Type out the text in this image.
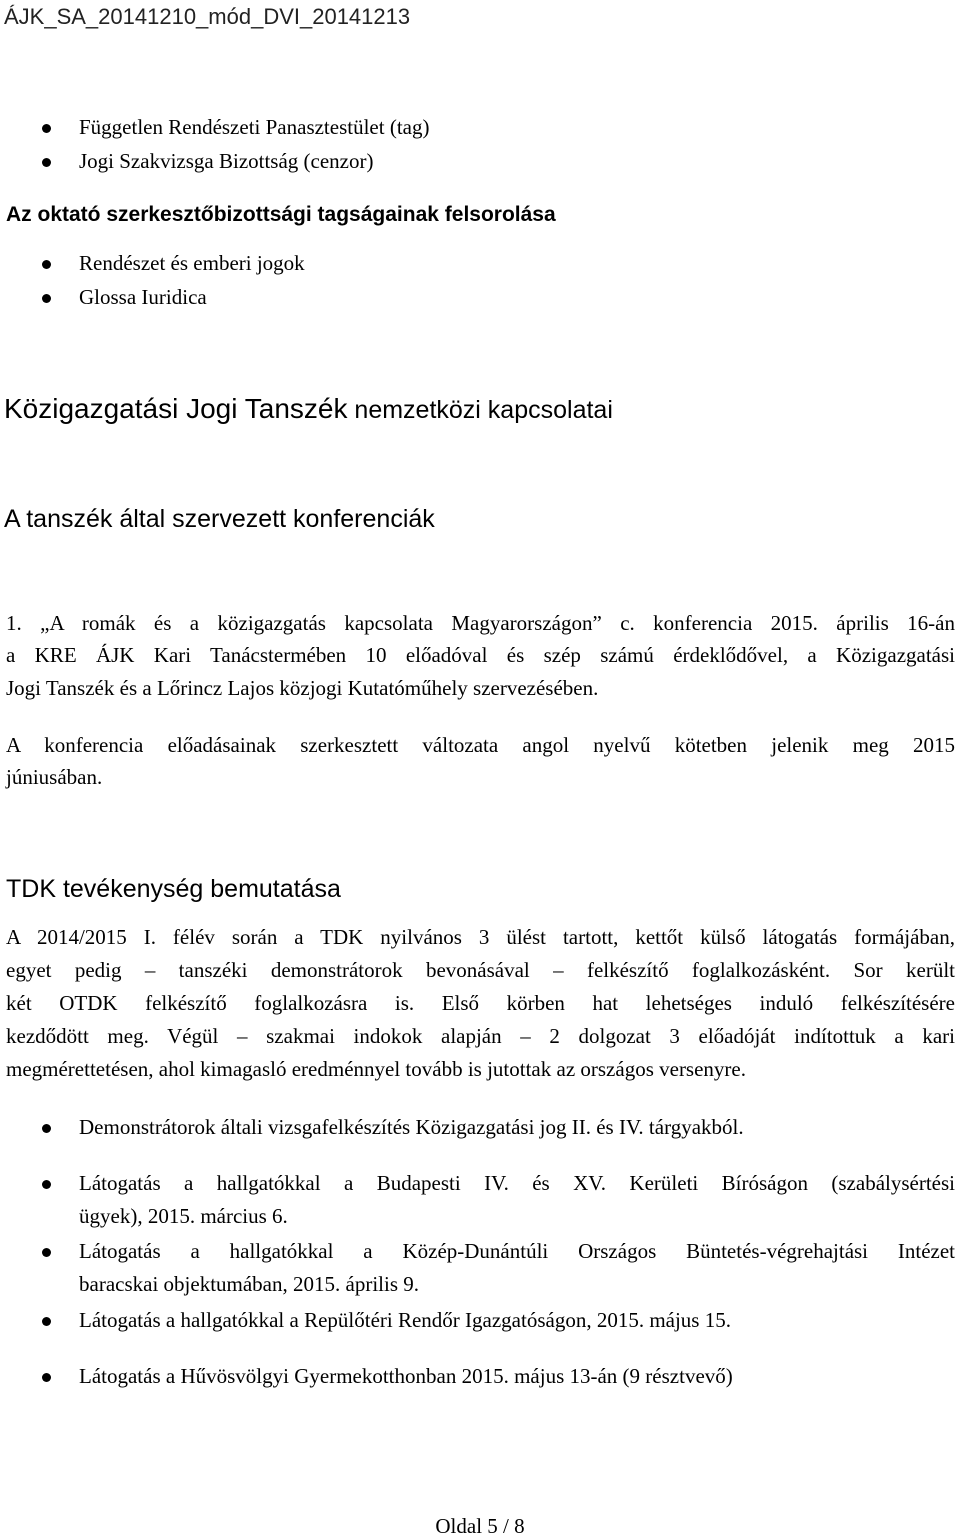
ÁJK_SA_20141210_mód_DVI_20141213
Független Rendészeti Panasztestület (tag)
Jogi Szakvizsga Bizottság (cenzor)
Az oktató szerkesztőbizottsági tagságainak felsorolása
Rendészet és emberi jogok
Glossa Iuridica
Közigazgatási Jogi Tanszék nemzetközi kapcsolatai
A tanszék által szervezett konferenciák
1. „A romák és a közigazgatás kapcsolata Magyarországon” c. konferencia 2015. április 16-án
a KRE ÁJK Kari Tanácstermében 10 előadóval és szép számú érdeklődővel, a Közigazgatási
Jogi Tanszék és a Lőrincz Lajos közjogi Kutatóműhely szervezésében.
A konferencia előadásainak szerkesztett változata angol nyelvű kötetben jelenik meg 2015
júniusában.
TDK tevékenység bemutatása
A 2014/2015 I. félév során a TDK nyilvános 3 ülést tartott, kettőt külső látogatás formájában,
egyet pedig – tanszéki demonstrátorok bevonásával – felkészítő foglalkozásként. Sor került
két OTDK felkészítő foglalkozásra is. Első körben hat lehetséges induló felkészítésére
kezdődött meg. Végül – szakmai indokok alapján – 2 dolgozat 3 előadóját indítottuk a kari
megmérettetésen, ahol kimagasló eredménnyel tovább is jutottak az országos versenyre.
Demonstrátorok általi vizsgafelkészítés Közigazgatási jog II. és IV. tárgyakból.
Látogatás a hallgatókkal a Budapesti IV. és XV. Kerületi Bíróságon (szabálysértési
ügyek), 2015. március 6.
Látogatás a hallgatókkal a Közép-Dunántúli Országos Büntetés-végrehajtási Intézet
baracskai objektumában, 2015. április 9.
Látogatás a hallgatókkal a Repülőtéri Rendőr Igazgatóságon, 2015. május 15.
Látogatás a Hűvösvölgyi Gyermekotthonban 2015. május 13-án (9 résztvevő)
Oldal 5 / 8
